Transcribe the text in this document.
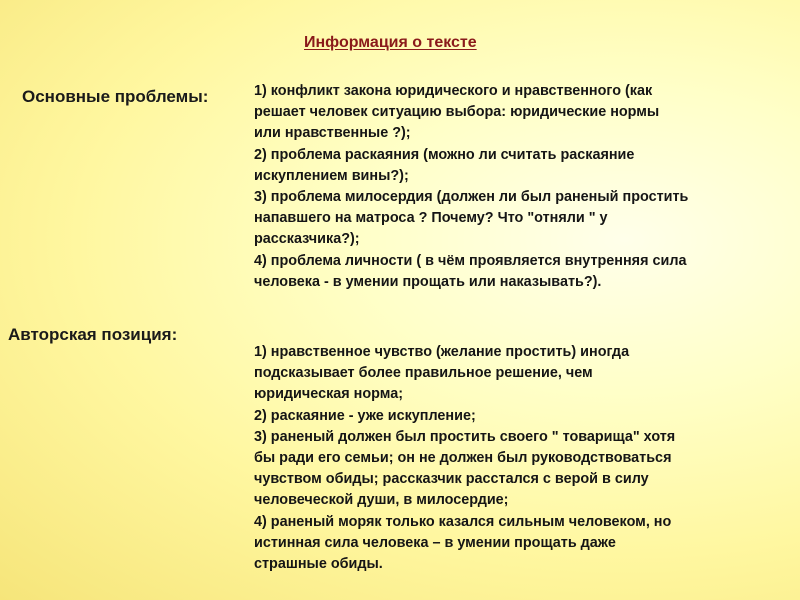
Информация о тексте
Основные проблемы:	1) конфликт закона юридического и нравственного (как
решает человек ситуацию выбора: юридические нормы
или нравственные ?);
2) проблема раскаяния (можно ли считать раскаяние
искуплением вины?);
3) проблема милосердия (должен ли был раненый простить
напавшего на матроса ? Почему? Что "отняли " у
рассказчика?);
4) проблема личности ( в чём проявляется внутренняя сила
человека - в умении прощать или наказывать?).
Авторская позиция:
1) нравственное чувство (желание простить) иногда
подсказывает более правильное решение, чем
юридическая норма;
2) раскаяние - уже искупление;
3) раненый должен был простить своего " товарища" хотя
бы ради его семьи; он не должен был руководствоваться
чувством обиды; рассказчик расстался с верой в силу
человеческой души, в милосердие;
4) раненый моряк только казался сильным человеком, но
истинная сила человека – в умении прощать даже
страшные обиды.
